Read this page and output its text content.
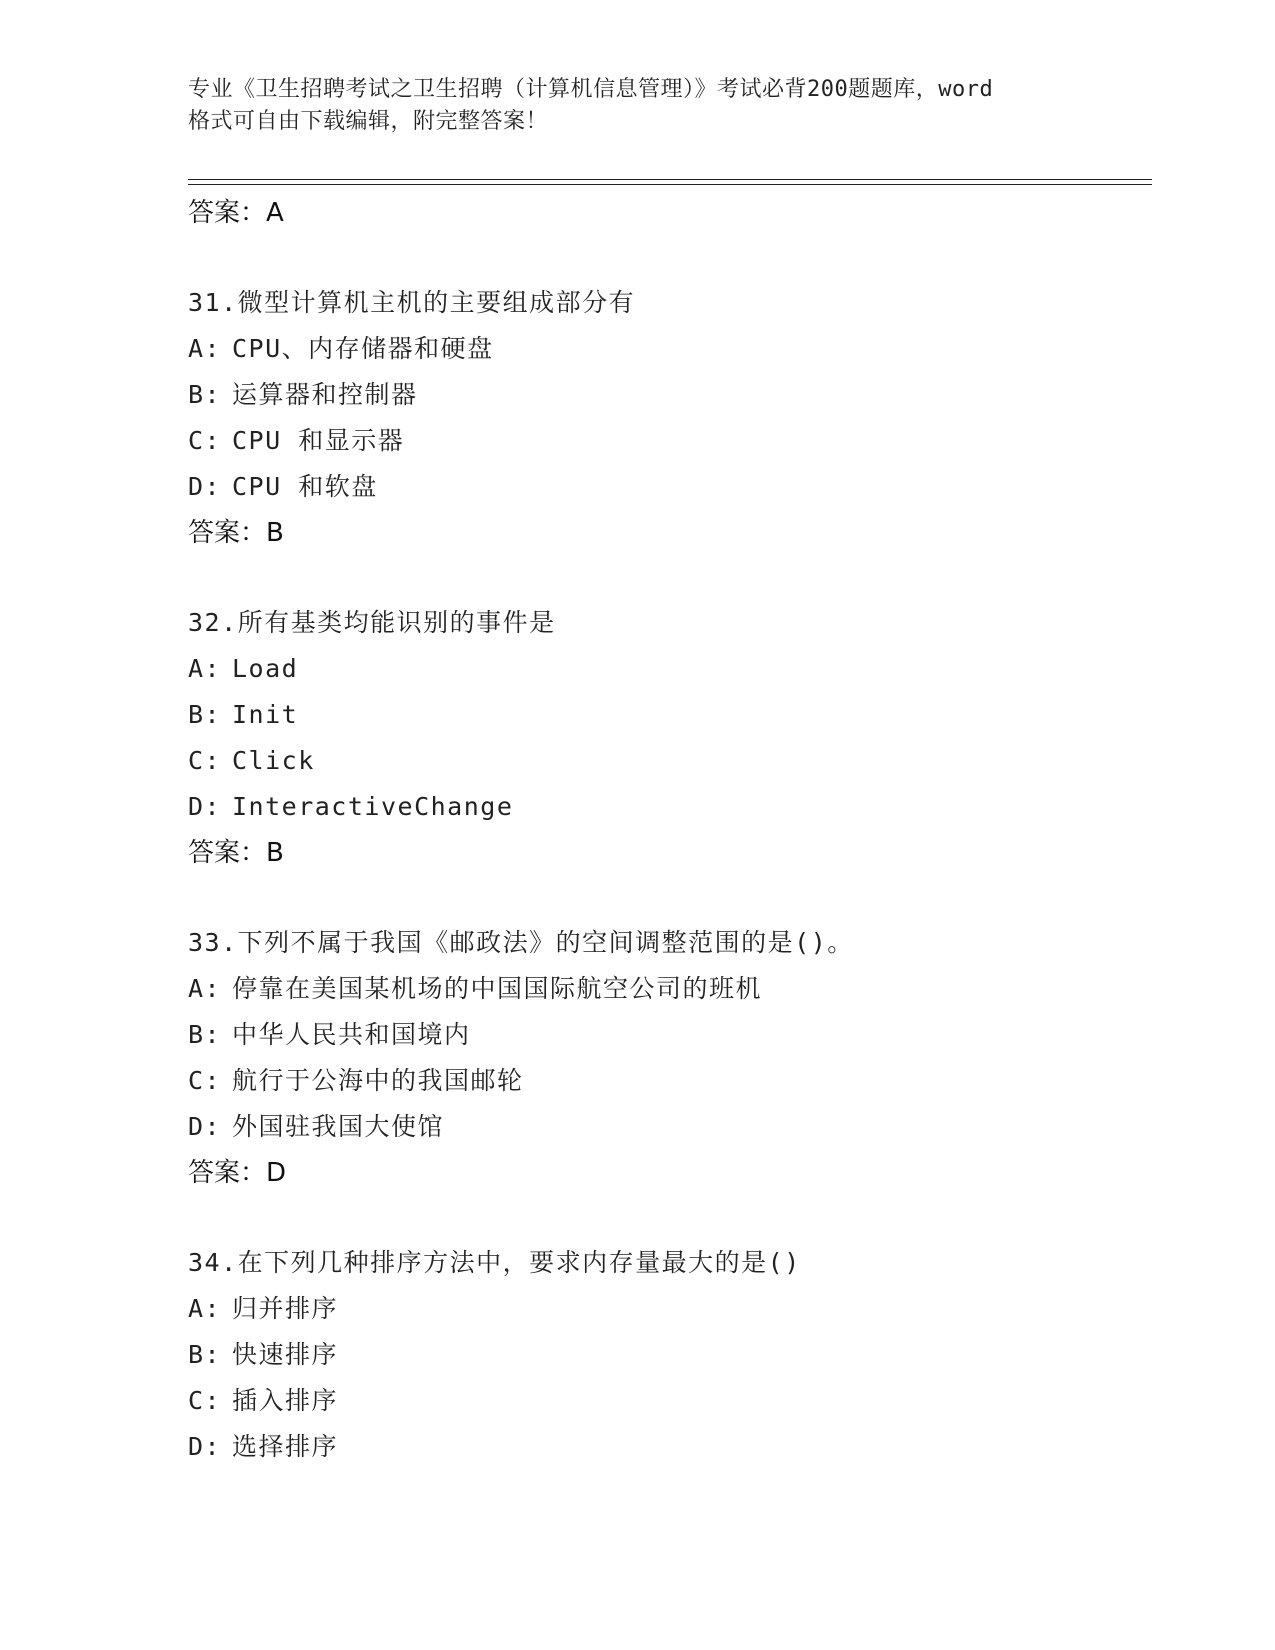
专业《卫生招聘考试之卫生招聘（计算机信息管理）》考试必背200题题库，word
格式可自由下载编辑，附完整答案！
答案：A
31.微型计算机主机的主要组成部分有
A: CPU、内存储器和硬盘
B: 运算器和控制器
C: CPU 和显示器
D: CPU 和软盘
答案：B
32.所有基类均能识别的事件是
A: Load
B: Init
C: Click
D: InteractiveChange
答案：B
33.下列不属于我国《邮政法》的空间调整范围的是()。
A: 停靠在美国某机场的中国国际航空公司的班机
B: 中华人民共和国境内
C: 航行于公海中的我国邮轮
D: 外国驻我国大使馆
答案：D
34.在下列几种排序方法中，要求内存量最大的是()
A: 归并排序
B: 快速排序
C: 插入排序
D: 选择排序
